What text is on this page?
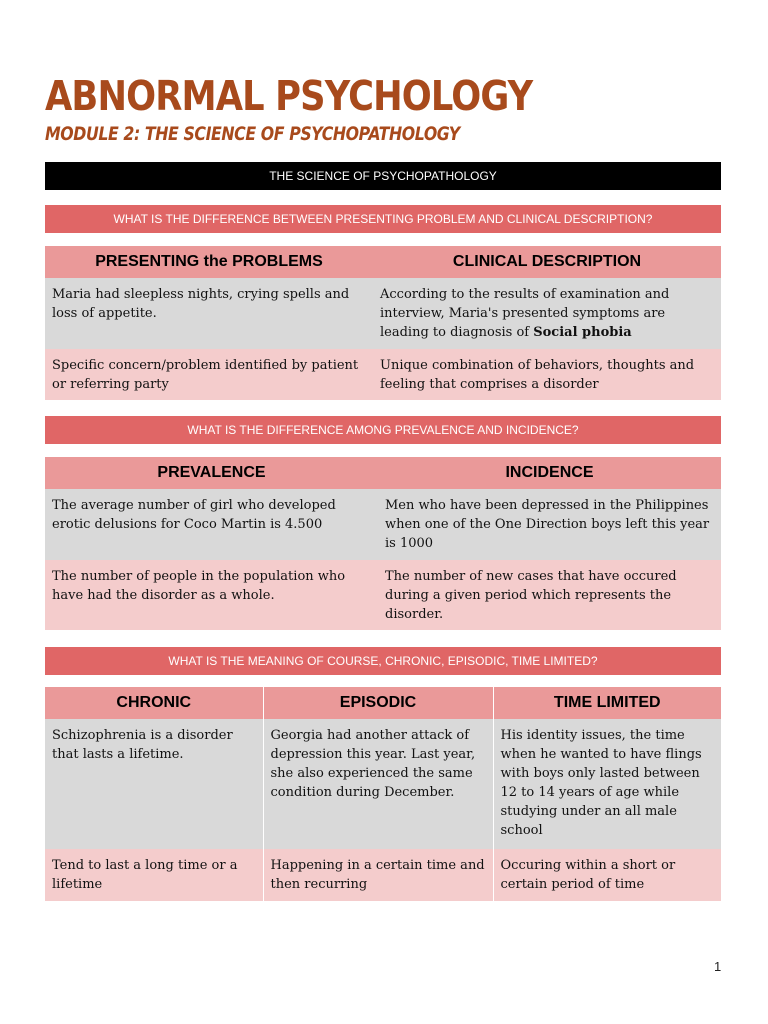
ABNORMAL PSYCHOLOGY
MODULE 2: THE SCIENCE OF PSYCHOPATHOLOGY
THE SCIENCE OF PSYCHOPATHOLOGY
WHAT IS THE DIFFERENCE BETWEEN PRESENTING PROBLEM AND CLINICAL DESCRIPTION?
PRESENTING the PROBLEMS	CLINICAL DESCRIPTION
Maria had sleepless nights, crying spells and loss of appetite.	According to the results of examination and interview, Maria's presented symptoms are leading to diagnosis of Social phobia
Specific concern/problem identified by patient or referring party	Unique combination of behaviors, thoughts and feeling that comprises a disorder
WHAT IS THE DIFFERENCE AMONG PREVALENCE AND INCIDENCE?
PREVALENCE	INCIDENCE
The average number of girl who developed erotic delusions for Coco Martin is 4.500	Men who have been depressed in the Philippines when one of the One Direction boys left this year is 1000
The number of people in the population who have had the disorder as a whole.	The number of new cases that have occured during a given period which represents the disorder.
WHAT IS THE MEANING OF COURSE, CHRONIC, EPISODIC, TIME LIMITED?
CHRONIC	EPISODIC	TIME LIMITED
Schizophrenia is a disorder that lasts a lifetime.	Georgia had another attack of depression this year. Last year, she also experienced the same condition during December.	His identity issues, the time when he wanted to have flings with boys only lasted between 12 to 14 years of age while studying under an all male school
Tend to last a long time or a lifetime	Happening in a certain time and then recurring	Occuring within a short or certain period of time
1
